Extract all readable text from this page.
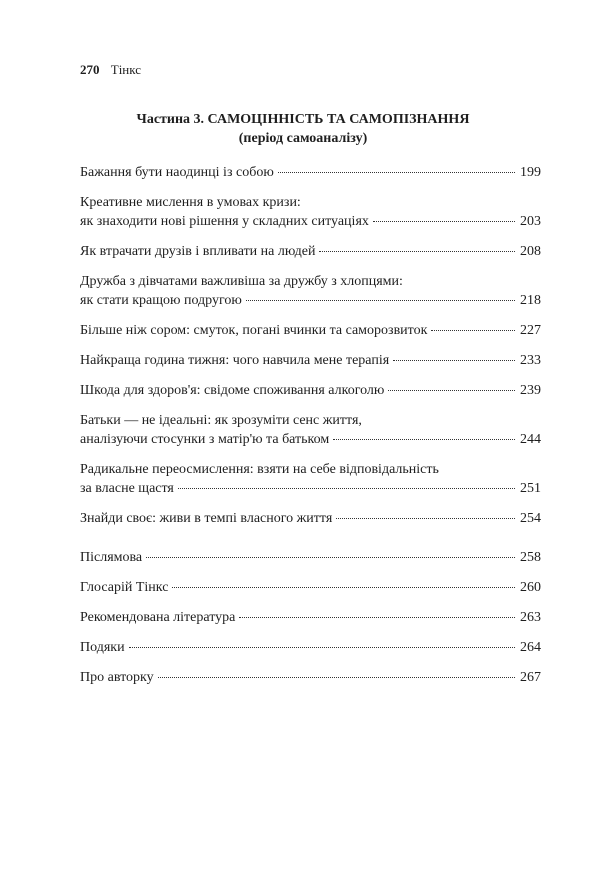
270 Тінкс
Частина 3. САМОЦІННІСТЬ ТА САМОПІЗНАННЯ
(період самоаналізу)
Бажання бути наодинці із собою	199
Креативне мислення в умовах кризи:
як знаходити нові рішення у складних ситуаціях	203
Як втрачати друзів і впливати на людей	208
Дружба з дівчатами важливіша за дружбу з хлопцями:
як стати кращою подругою	218
Більше ніж сором: смуток, погані вчинки та саморозвиток	227
Найкраща година тижня: чого навчила мене терапія	233
Шкода для здоров'я: свідоме споживання алкоголю	239
Батьки — не ідеальні: як зрозуміти сенс життя,
аналізуючи стосунки з матір'ю та батьком	244
Радикальне переосмислення: взяти на себе відповідальність
за власне щастя	251
Знайди своє: живи в темпі власного життя	254
Післямова	258
Глосарій Тінкс	260
Рекомендована література	263
Подяки	264
Про авторку	267
